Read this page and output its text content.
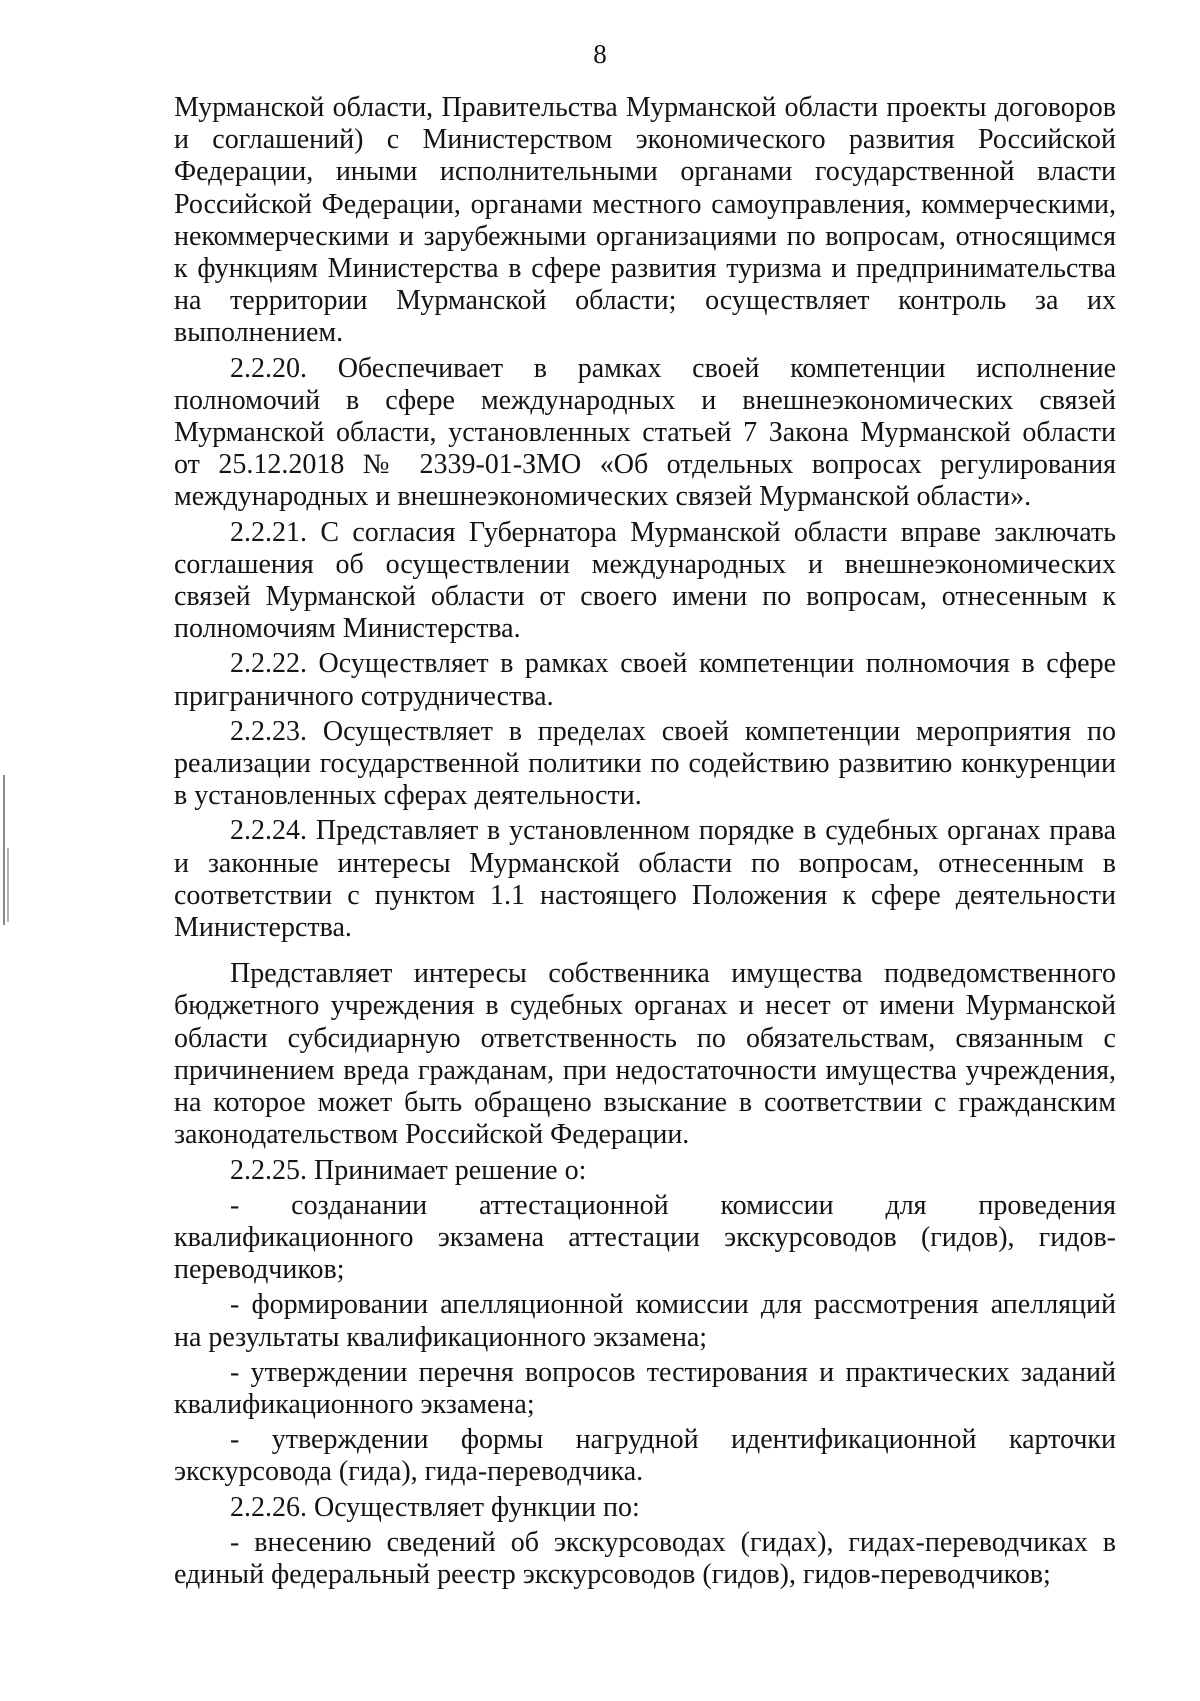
8

Мурманской области, Правительства Мурманской области проекты договоров и соглашений) с Министерством экономического развития Российской Федерации, иными исполнительными органами государственной власти Российской Федерации, органами местного самоуправления, коммерческими, некоммерческими и зарубежными организациями по вопросам, относящимся к функциям Министерства в сфере развития туризма и предпринимательства на территории Мурманской области; осуществляет контроль за их выполнением.

2.2.20. Обеспечивает в рамках своей компетенции исполнение полномочий в сфере международных и внешнеэкономических связей Мурманской области, установленных статьей 7 Закона Мурманской области от 25.12.2018 № 2339-01-ЗМО «Об отдельных вопросах регулирования международных и внешнеэкономических связей Мурманской области».

2.2.21. С согласия Губернатора Мурманской области вправе заключать соглашения об осуществлении международных и внешнеэкономических связей Мурманской области от своего имени по вопросам, отнесенным к полномочиям Министерства.

2.2.22. Осуществляет в рамках своей компетенции полномочия в сфере приграничного сотрудничества.

2.2.23. Осуществляет в пределах своей компетенции мероприятия по реализации государственной политики по содействию развитию конкуренции в установленных сферах деятельности.

2.2.24. Представляет в установленном порядке в судебных органах права и законные интересы Мурманской области по вопросам, отнесенным в соответствии с пунктом 1.1 настоящего Положения к сфере деятельности Министерства.

Представляет интересы собственника имущества подведомственного бюджетного учреждения в судебных органах и несет от имени Мурманской области субсидиарную ответственность по обязательствам, связанным с причинением вреда гражданам, при недостаточности имущества учреждения, на которое может быть обращено взыскание в соответствии с гражданским законодательством Российской Федерации.

2.2.25. Принимает решение о:

- созданании аттестационной комиссии для проведения квалификационного экзамена аттестации экскурсоводов (гидов), гидов-переводчиков;

- формировании апелляционной комиссии для рассмотрения апелляций на результаты квалификационного экзамена;

- утверждении перечня вопросов тестирования и практических заданий квалификационного экзамена;

- утверждении формы нагрудной идентификационной карточки экскурсовода (гида), гида-переводчика.

2.2.26. Осуществляет функции по:

- внесению сведений об экскурсоводах (гидах), гидах-переводчиках в единый федеральный реестр экскурсоводов (гидов), гидов-переводчиков;
